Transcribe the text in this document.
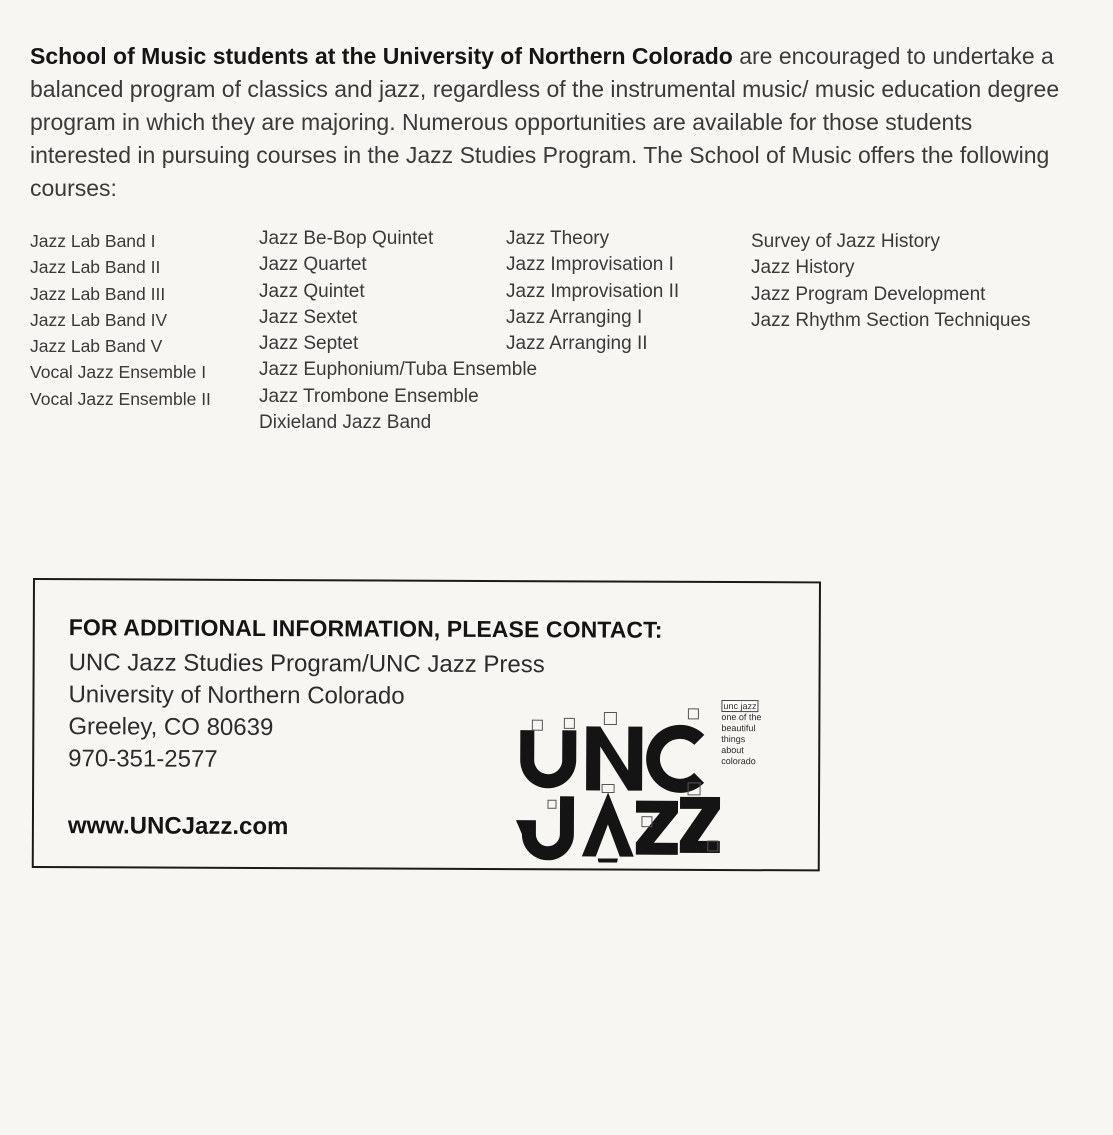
School of Music students at the University of Northern Colorado are encouraged to undertake a balanced program of classics and jazz, regardless of the instrumental music/ music education degree program in which they are majoring. Numerous opportunities are available for those students interested in pursuing courses in the Jazz Studies Program. The School of Music offers the following courses:

Jazz Lab Band I
Jazz Lab Band II
Jazz Lab Band III
Jazz Lab Band IV
Jazz Lab Band V
Vocal Jazz Ensemble I
Vocal Jazz Ensemble II
Jazz Be-Bop Quintet
Jazz Quartet
Jazz Quintet
Jazz Sextet
Jazz Septet
Jazz Euphonium/Tuba Ensemble
Jazz Trombone Ensemble
Dixieland Jazz Band
Jazz Theory
Jazz Improvisation I
Jazz Improvisation II
Jazz Arranging I
Jazz Arranging II
Survey of Jazz History
Jazz History
Jazz Program Development
Jazz Rhythm Section Techniques
FOR ADDITIONAL INFORMATION, PLEASE CONTACT:
UNC Jazz Studies Program/UNC Jazz Press
University of Northern Colorado
Greeley, CO 80639
970-351-2577
www.UNCJazz.com
unc jazz
one of the
beautiful
things
about
colorado
